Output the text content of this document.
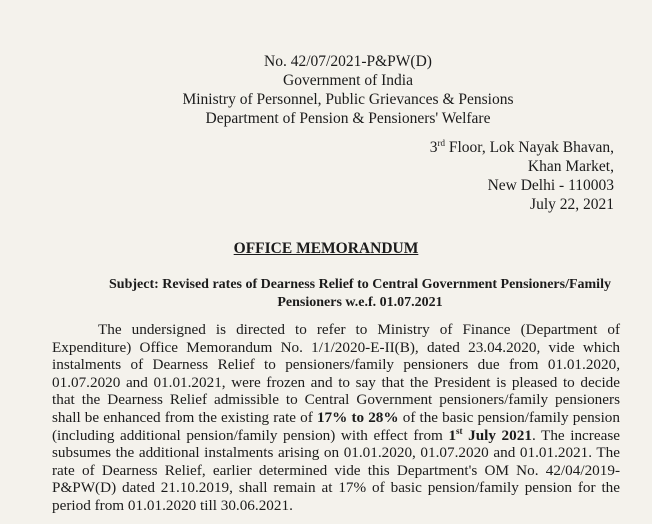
No. 42/07/2021-P&PW(D)
Government of India
Ministry of Personnel, Public Grievances & Pensions
Department of Pension & Pensioners' Welfare
3rd Floor, Lok Nayak Bhavan,
Khan Market,
New Delhi - 110003
July 22, 2021
OFFICE MEMORANDUM
Subject: Revised rates of Dearness Relief to Central Government Pensioners/Family Pensioners w.e.f. 01.07.2021
The undersigned is directed to refer to Ministry of Finance (Department of Expenditure) Office Memorandum No. 1/1/2020-E-II(B), dated 23.04.2020, vide which instalments of Dearness Relief to pensioners/family pensioners due from 01.01.2020, 01.07.2020 and 01.01.2021, were frozen and to say that the President is pleased to decide that the Dearness Relief admissible to Central Government pensioners/family pensioners shall be enhanced from the existing rate of 17% to 28% of the basic pension/family pension (including additional pension/family pension) with effect from 1st July 2021. The increase subsumes the additional instalments arising on 01.01.2020, 01.07.2020 and 01.01.2021. The rate of Dearness Relief, earlier determined vide this Department's OM No. 42/04/2019-P&PW(D) dated 21.10.2019, shall remain at 17% of basic pension/family pension for the period from 01.01.2020 till 30.06.2021.
